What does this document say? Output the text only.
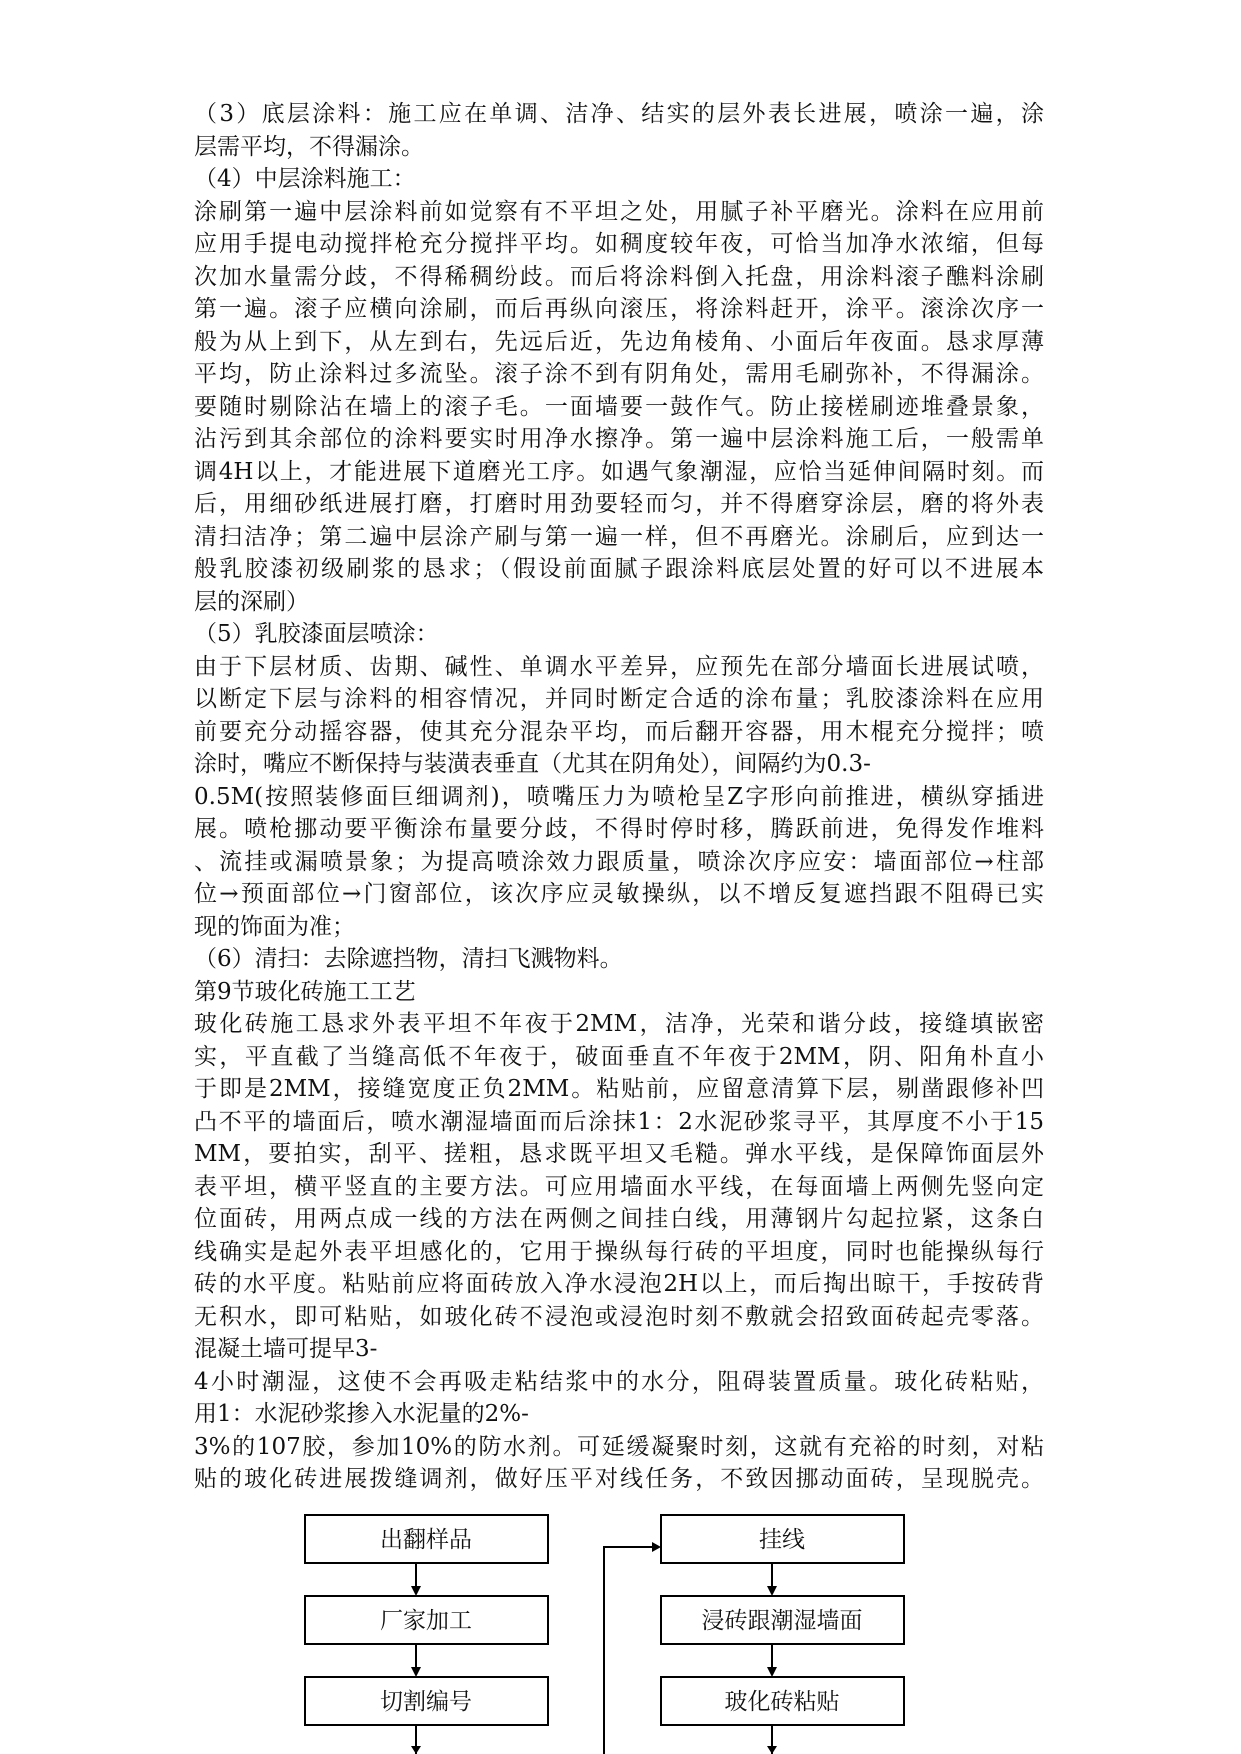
（3）底层涂料：施工应在单调、洁净、结实的层外表长进展，喷涂一遍，涂
层需平均，不得漏涂。
（4）中层涂料施工：
涂刷第一遍中层涂料前如觉察有不平坦之处，用腻子补平磨光。涂料在应用前
应用手提电动搅拌枪充分搅拌平均。如稠度较年夜，可恰当加净水浓缩，但每
次加水量需分歧，不得稀稠纷歧。而后将涂料倒入托盘，用涂料滚子醮料涂刷
第一遍。滚子应横向涂刷，而后再纵向滚压，将涂料赶开，涂平。滚涂次序一
般为从上到下，从左到右，先远后近，先边角棱角、小面后年夜面。恳求厚薄
平均，防止涂料过多流坠。滚子涂不到有阴角处，需用毛刷弥补，不得漏涂。
要随时剔除沾在墙上的滚子毛。一面墙要一鼓作气。防止接槎刷迹堆叠景象，
沾污到其余部位的涂料要实时用净水擦净。第一遍中层涂料施工后，一般需单
调4H以上，才能进展下道磨光工序。如遇气象潮湿，应恰当延伸间隔时刻。而
后，用细砂纸进展打磨，打磨时用劲要轻而匀，并不得磨穿涂层，磨的将外表
清扫洁净；第二遍中层涂产刷与第一遍一样，但不再磨光。涂刷后，应到达一
般乳胶漆初级刷浆的恳求；（假设前面腻子跟涂料底层处置的好可以不进展本
层的深刷）
（5）乳胶漆面层喷涂：
由于下层材质、齿期、碱性、单调水平差异，应预先在部分墙面长进展试喷，
以断定下层与涂料的相容情况，并同时断定合适的涂布量；乳胶漆涂料在应用
前要充分动摇容器，使其充分混杂平均，而后翻开容器，用木棍充分搅拌；喷
涂时，嘴应不断保持与装潢表垂直（尤其在阴角处），间隔约为0.3-
0.5M(按照装修面巨细调剂)，喷嘴压力为喷枪呈Z字形向前推进，横纵穿插进
展。喷枪挪动要平衡涂布量要分歧，不得时停时移，腾跃前进，免得发作堆料
、流挂或漏喷景象；为提高喷涂效力跟质量，喷涂次序应安：墙面部位→柱部
位→预面部位→门窗部位，该次序应灵敏操纵，以不增反复遮挡跟不阻碍已实
现的饰面为准；
（6）清扫：去除遮挡物，清扫飞溅物料。
第9节玻化砖施工工艺
玻化砖施工恳求外表平坦不年夜于2MM，洁净，光荣和谐分歧，接缝填嵌密
实，平直截了当缝高低不年夜于，破面垂直不年夜于2MM，阴、阳角朴直小
于即是2MM，接缝宽度正负2MM。粘贴前，应留意清算下层，剔凿跟修补凹
凸不平的墙面后，喷水潮湿墙面而后涂抹1：2水泥砂浆寻平，其厚度不小于15
MM，要拍实，刮平、搓粗，恳求既平坦又毛糙。弹水平线，是保障饰面层外
表平坦，横平竖直的主要方法。可应用墙面水平线，在每面墙上两侧先竖向定
位面砖，用两点成一线的方法在两侧之间挂白线，用薄钢片勾起拉紧，这条白
线确实是起外表平坦感化的，它用于操纵每行砖的平坦度，同时也能操纵每行
砖的水平度。粘贴前应将面砖放入净水浸泡2H以上，而后掏出晾干，手按砖背
无积水，即可粘贴，如玻化砖不浸泡或浸泡时刻不敷就会招致面砖起壳零落。
混凝土墙可提早3-
4小时潮湿，这使不会再吸走粘结浆中的水分，阻碍装置质量。玻化砖粘贴，
用1：水泥砂浆掺入水泥量的2%-
3%的107胶，参加10%的防水剂。可延缓凝聚时刻，这就有充裕的时刻，对粘
贴的玻化砖进展拨缝调剂，做好压平对线任务，不致因挪动面砖，呈现脱壳。
出翻样品
厂家加工
切割编号
挂线
浸砖跟潮湿墙面
玻化砖粘贴
